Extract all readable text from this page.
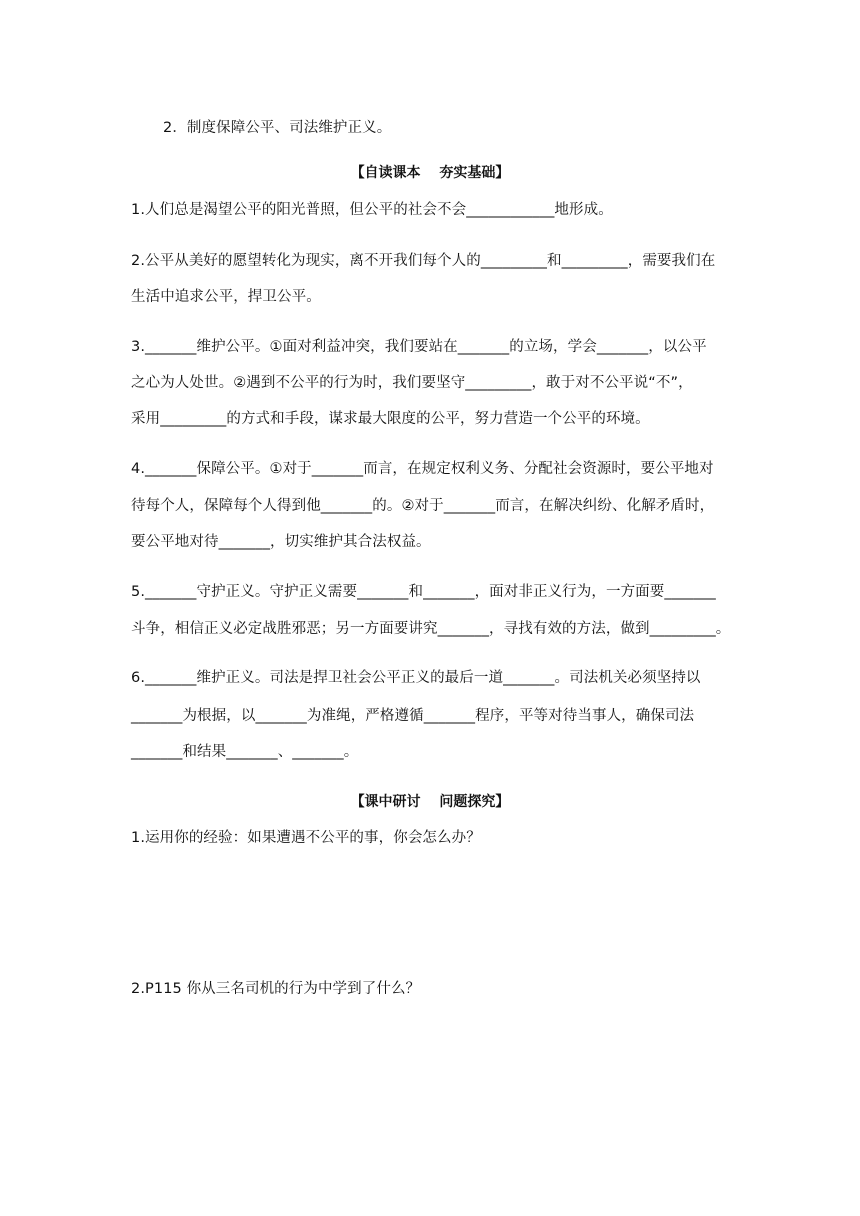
2．制度保障公平、司法维护正义。
【自读课本　 夯实基础】
1.人们总是渴望公平的阳光普照，但公平的社会不会____________地形成。
2.公平从美好的愿望转化为现实，离不开我们每个人的_________和_________，需要我们在
生活中追求公平，捍卫公平。
3._______维护公平。①面对利益冲突，我们要站在_______的立场，学会_______，以公平
之心为人处世。②遇到不公平的行为时，我们要坚守_________，敢于对不公平说“不”，
采用_________的方式和手段，谋求最大限度的公平，努力营造一个公平的环境。
4._______保障公平。①对于_______而言，在规定权利义务、分配社会资源时，要公平地对
待每个人，保障每个人得到他_______的。②对于_______而言，在解决纠纷、化解矛盾时，
要公平地对待_______，切实维护其合法权益。
5._______守护正义。守护正义需要_______和_______，面对非正义行为，一方面要_______
斗争，相信正义必定战胜邪恶；另一方面要讲究_______，寻找有效的方法，做到_________。
6._______维护正义。司法是捍卫社会公平正义的最后一道_______。司法机关必须坚持以
_______为根据，以_______为准绳，严格遵循_______程序，平等对待当事人，确保司法
_______和结果_______、_______。
【课中研讨　 问题探究】
1.运用你的经验：如果遭遇不公平的事，你会怎么办？
2.P115 你从三名司机的行为中学到了什么？
